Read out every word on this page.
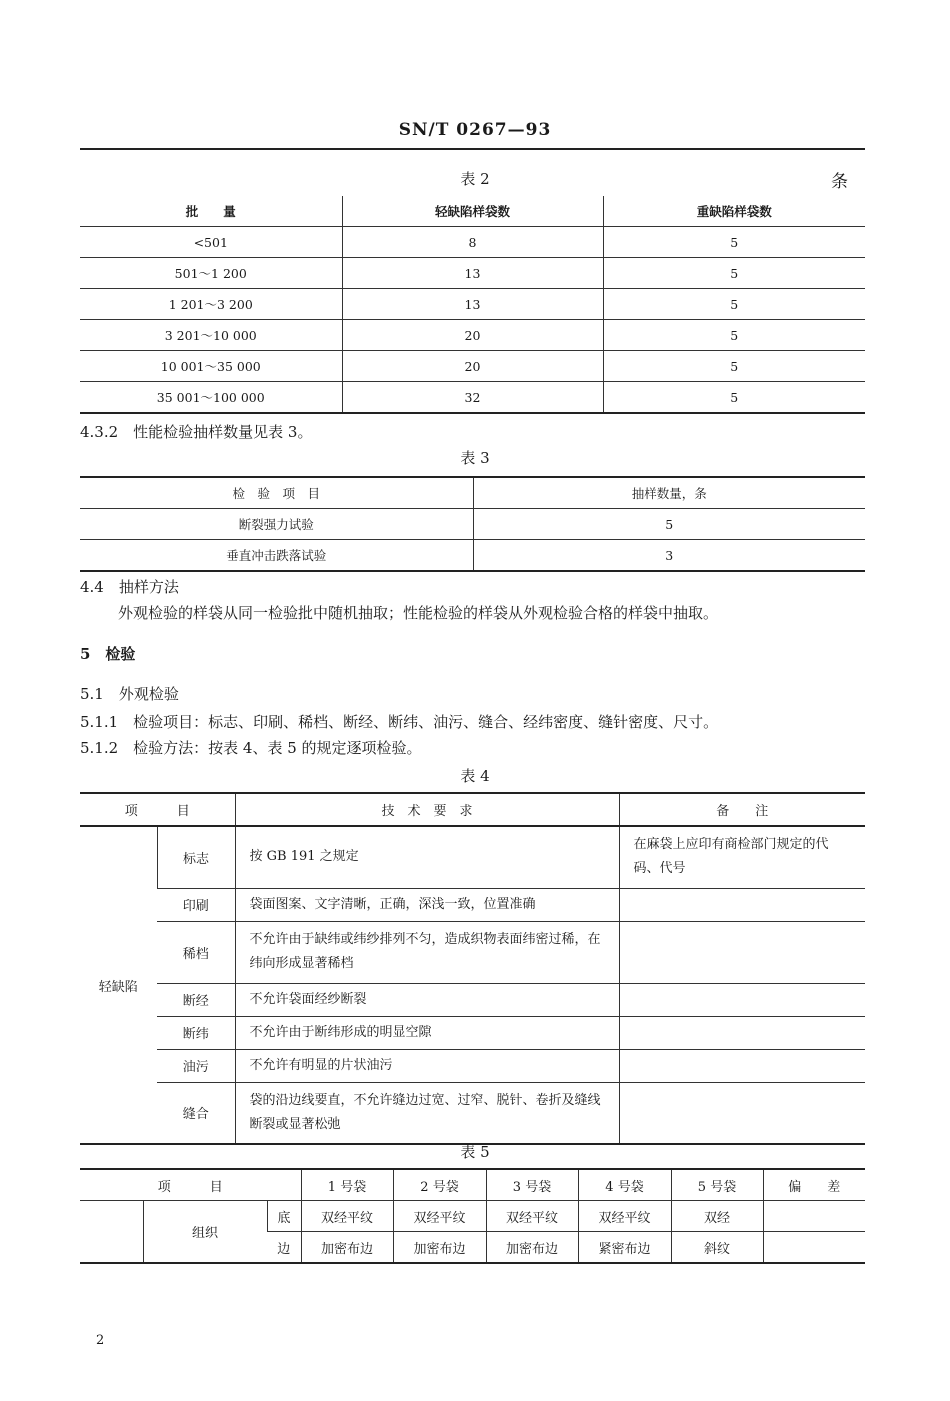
SN/T 0267—93
表 2	条
批　　量	轻缺陷样袋数	重缺陷样袋数
<501	8	5
501～1 200	13	5
1 201～3 200	13	5
3 201～10 000	20	5
10 001～35 000	20	5
35 001～100 000	32	5
4.3.2　性能检验抽样数量见表 3。
表 3
检　验　项　目	抽样数量，条
断裂强力试验	5
垂直冲击跌落试验	3
4.4　抽样方法
外观检验的样袋从同一检验批中随机抽取；性能检验的样袋从外观检验合格的样袋中抽取。
5　检验
5.1　外观检验
5.1.1　检验项目：标志、印刷、稀档、断经、断纬、油污、缝合、经纬密度、缝针密度、尺寸。
5.1.2　检验方法：按表 4、表 5 的规定逐项检验。
表 4
项　　　目		技　术　要　求	备　　注
轻缺陷	标志	按 GB 191 之规定	在麻袋上应印有商检部门规定的代码、代号
	印刷	袋面图案、文字清晰，正确，深浅一致，位置准确	
	稀档	不允许由于缺纬或纬纱排列不匀，造成织物表面纬密过稀，在纬向形成显著稀档	
	断经	不允许袋面经纱断裂	
	断纬	不允许由于断纬形成的明显空隙	
	油污	不允许有明显的片状油污	
	缝合	袋的沿边线要直，不允许缝边过宽、过窄、脱针、卷折及缝线断裂或显著松弛	
表 5
项　　　目			1 号袋	2 号袋	3 号袋	4 号袋	5 号袋	偏　　差
	组织	底	双经平纹	双经平纹	双经平纹	双经平纹	双经	
		边	加密布边	加密布边	加密布边	紧密布边	斜纹	
2
